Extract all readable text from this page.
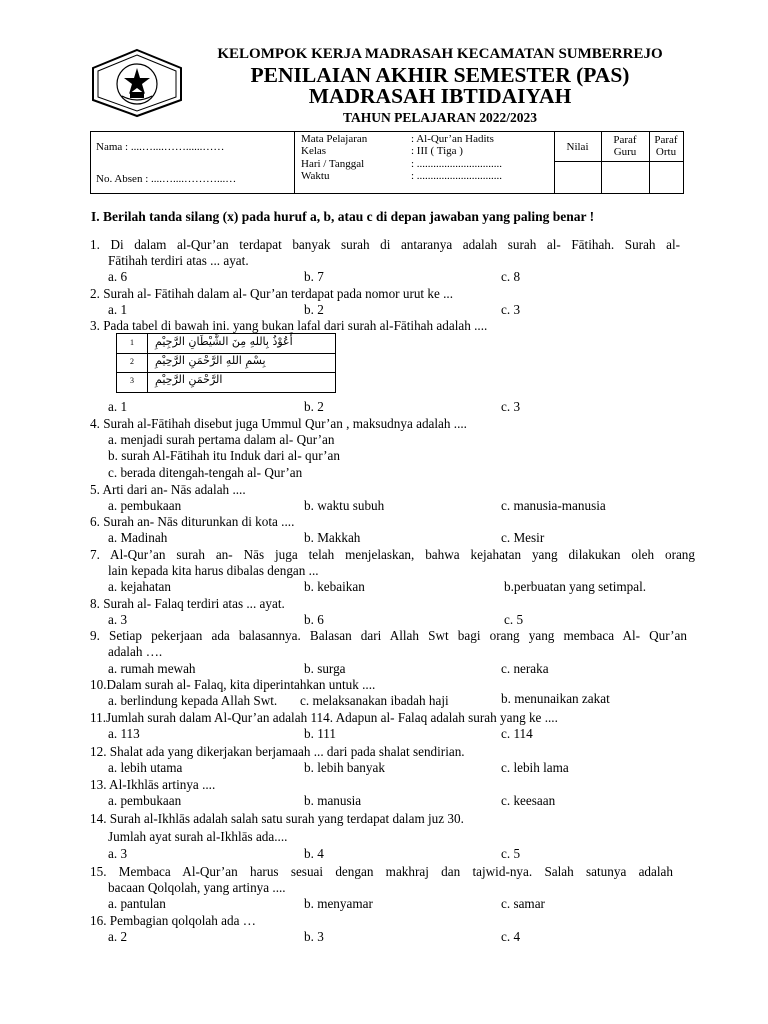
KELOMPOK KERJA MADRASAH KECAMATAN SUMBERREJO
PENILAIAN AKHIR SEMESTER (PAS)
MADRASAH IBTIDAIYAH
TAHUN PELAJARAN 2022/2023
Nama : ....…....……......……
No. Absen : ....…....………...…
Mata Pelajaran	: Al-Qur’an Hadits
Kelas	: III ( Tiga )
Hari / Tanggal	: ...............................
Waktu	: ...............................
Nilai
Paraf
Guru
Paraf
Ortu
I. Berilah tanda silang (x) pada huruf a, b, atau c di depan jawaban yang paling benar !
1. Di dalam al-Qur’an terdapat banyak surah di antaranya adalah surah al- Fātihah. Surah al-
Fātihah terdiri atas ... ayat.
a. 6	b. 7	c. 8
2. Surah al- Fātihah dalam al- Qur’an terdapat pada nomor urut ke ...
a. 1	b. 2	c. 3
3. Pada tabel di bawah ini. yang bukan lafal dari surah al-Fātihah adalah ....
1	أَعُوْذُ بِاللهِ مِنَ الشَّيْطَانِ الرَّجِيْمِ
2	بِسْمِ اللهِ الرَّحْمَنِ الرَّحِيْمِ
3	الرَّحْمَنِ الرَّحِيْمِ
a. 1	b. 2	c. 3
4. Surah al-Fātihah disebut juga Ummul Qur’an , maksudnya adalah ....
a. menjadi surah pertama dalam al- Qur’an
b. surah Al-Fātihah itu Induk dari al- qur’an
c. berada ditengah-tengah al- Qur’an
5. Arti dari an- Nās adalah ....
a. pembukaan	b. waktu subuh	c. manusia-manusia
6. Surah an- Nās diturunkan di kota ....
a. Madinah	b. Makkah	c. Mesir
7. Al-Qur’an surah an- Nās juga telah menjelaskan, bahwa kejahatan yang dilakukan oleh orang
lain kepada kita harus dibalas dengan ...
a. kejahatan	b. kebaikan	b.perbuatan yang setimpal.
8. Surah al- Falaq terdiri atas ... ayat.
a. 3	b. 6	c. 5
9. Setiap pekerjaan ada balasannya. Balasan dari Allah Swt bagi orang yang membaca Al- Qur’an
adalah ….
a. rumah mewah	b. surga	c. neraka
10.Dalam surah al- Falaq, kita diperintahkan untuk ....
a. berlindung kepada Allah Swt. c. melaksanakan ibadah haji	b. menunaikan zakat
11.Jumlah surah dalam Al-Qur’an adalah 114. Adapun al- Falaq adalah surah yang ke ....
a. 113	b. 111	c. 114
12. Shalat ada yang dikerjakan berjamaah ... dari pada shalat sendirian.
a. lebih utama	b. lebih banyak	c. lebih lama
13. Al-Ikhlās artinya ....
a. pembukaan	b. manusia	c. keesaan
14. Surah al-Ikhlās adalah salah satu surah yang terdapat dalam juz 30.
Jumlah ayat surah al-Ikhlās ada....
a. 3	b. 4	c. 5
15. Membaca Al-Qur’an harus sesuai dengan makhraj dan tajwid-nya. Salah satunya adalah
bacaan Qolqolah, yang artinya ....
a. pantulan	b. menyamar	c. samar
16. Pembagian qolqolah ada …
a. 2	b. 3	c. 4
